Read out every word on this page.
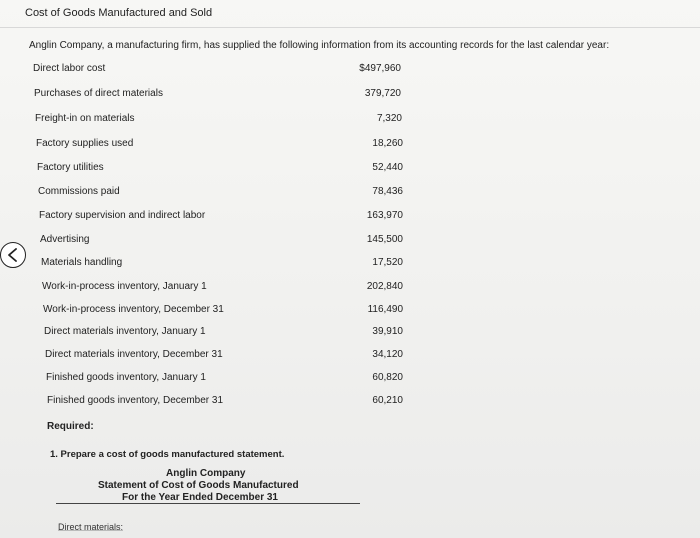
Cost of Goods Manufactured and Sold
Anglin Company, a manufacturing firm, has supplied the following information from its accounting records for the last calendar year:
Direct labor cost	$497,960
Purchases of direct materials	379,720
Freight-in on materials	7,320
Factory supplies used	18,260
Factory utilities	52,440
Commissions paid	78,436
Factory supervision and indirect labor	163,970
Advertising	145,500
Materials handling	17,520
Work-in-process inventory, January 1	202,840
Work-in-process inventory, December 31	116,490
Direct materials inventory, January 1	39,910
Direct materials inventory, December 31	34,120
Finished goods inventory, January 1	60,820
Finished goods inventory, December 31	60,210
Required:
1. Prepare a cost of goods manufactured statement.
Anglin Company
Statement of Cost of Goods Manufactured
For the Year Ended December 31
Direct materials:
